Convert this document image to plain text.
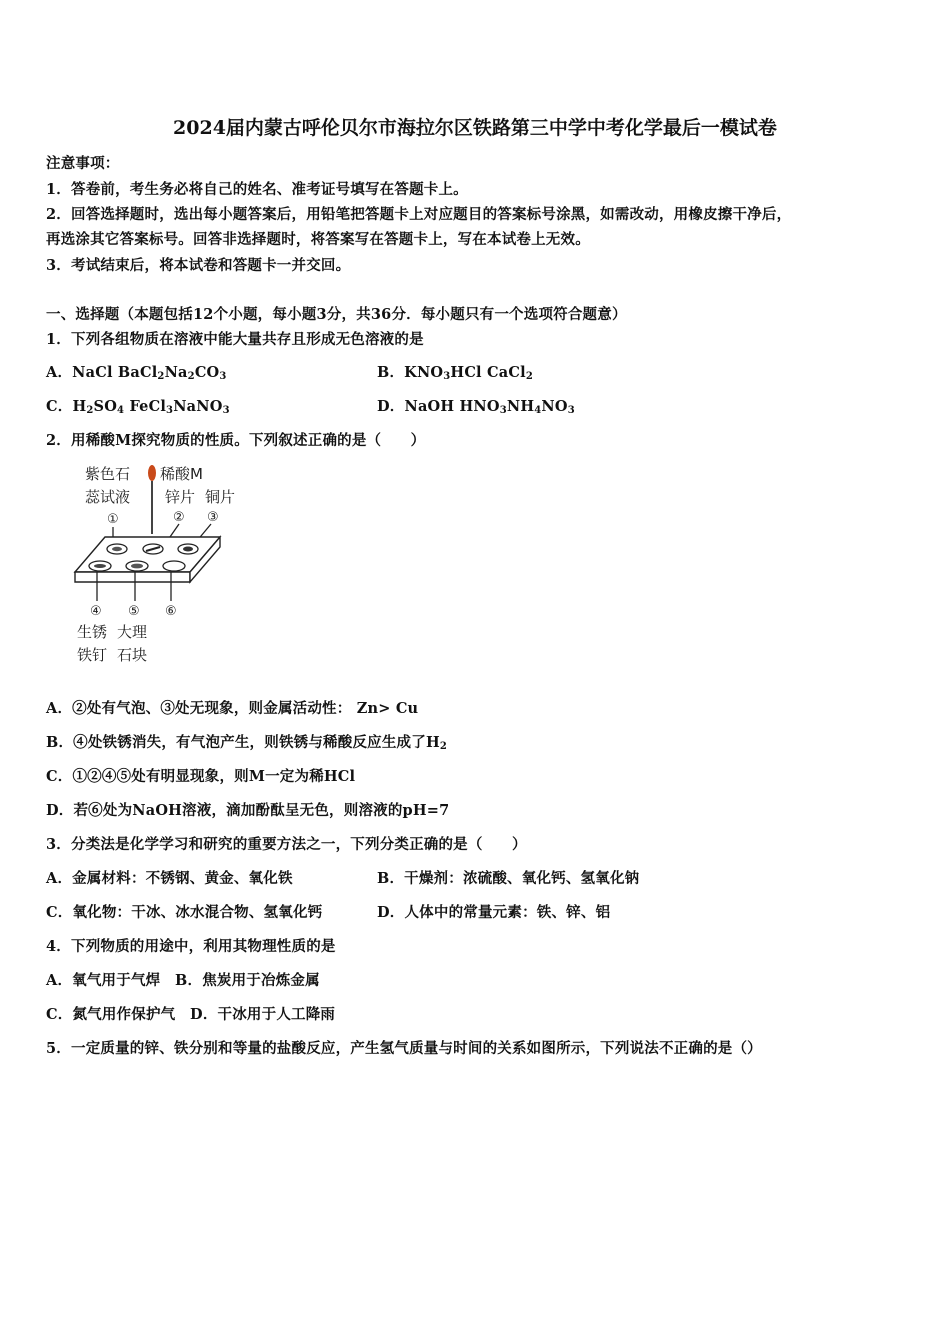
2024届内蒙古呼伦贝尔市海拉尔区铁路第三中学中考化学最后一模试卷
注意事项：
1．答卷前，考生务必将自己的姓名、准考证号填写在答题卡上。
2．回答选择题时，选出每小题答案后，用铅笔把答题卡上对应题目的答案标号涂黑，如需改动，用橡皮擦干净后，
再选涂其它答案标号。回答非选择题时，将答案写在答题卡上，写在本试卷上无效。
3．考试结束后，将本试卷和答题卡一并交回。
一、选择题（本题包括12个小题，每小题3分，共36分．每小题只有一个选项符合题意）
1．下列各组物质在溶液中能大量共存且形成无色溶液的是
A．NaCl $BaCl_2Na_2CO_3$	B．$KNO_3HCl$ CaCl$_2$
C．$H_2SO_4$ FeCl$_3$NaNO$_3$	D．NaOH $HNO_3NH_4NO_3$
2．用稀酸M探究物质的性质。下列叙述正确的是（　　）
紫色石
蕊试液
稀酸M
锌片 铜片
①	② ③
④ ⑤ ⑥
生锈
铁钉
大理
石块
A．②处有气泡、③处无现象，则金属活动性： Zn> Cu
B．④处铁锈消失，有气泡产生，则铁锈与稀酸反应生成了$H_2$
C．①②④⑤处有明显现象，则M一定为稀HCl
D．若⑥处为NaOH溶液，滴加酚酞呈无色，则溶液的pH=7
3．分类法是化学学习和研究的重要方法之一，下列分类正确的是（　　）
A．金属材料：不锈钢、黄金、氧化铁	B．干燥剂：浓硫酸、氧化钙、氢氧化钠
C．氧化物：干冰、冰水混合物、氢氧化钙	D．人体中的常量元素：铁、锌、铝
4．下列物质的用途中，利用其物理性质的是
A．氧气用于气焊　B．焦炭用于冶炼金属
C．氮气用作保护气　D．干冰用于人工降雨
5．一定质量的锌、铁分别和等量的盐酸反应，产生氢气质量与时间的关系如图所示，下列说法不正确的是（）
